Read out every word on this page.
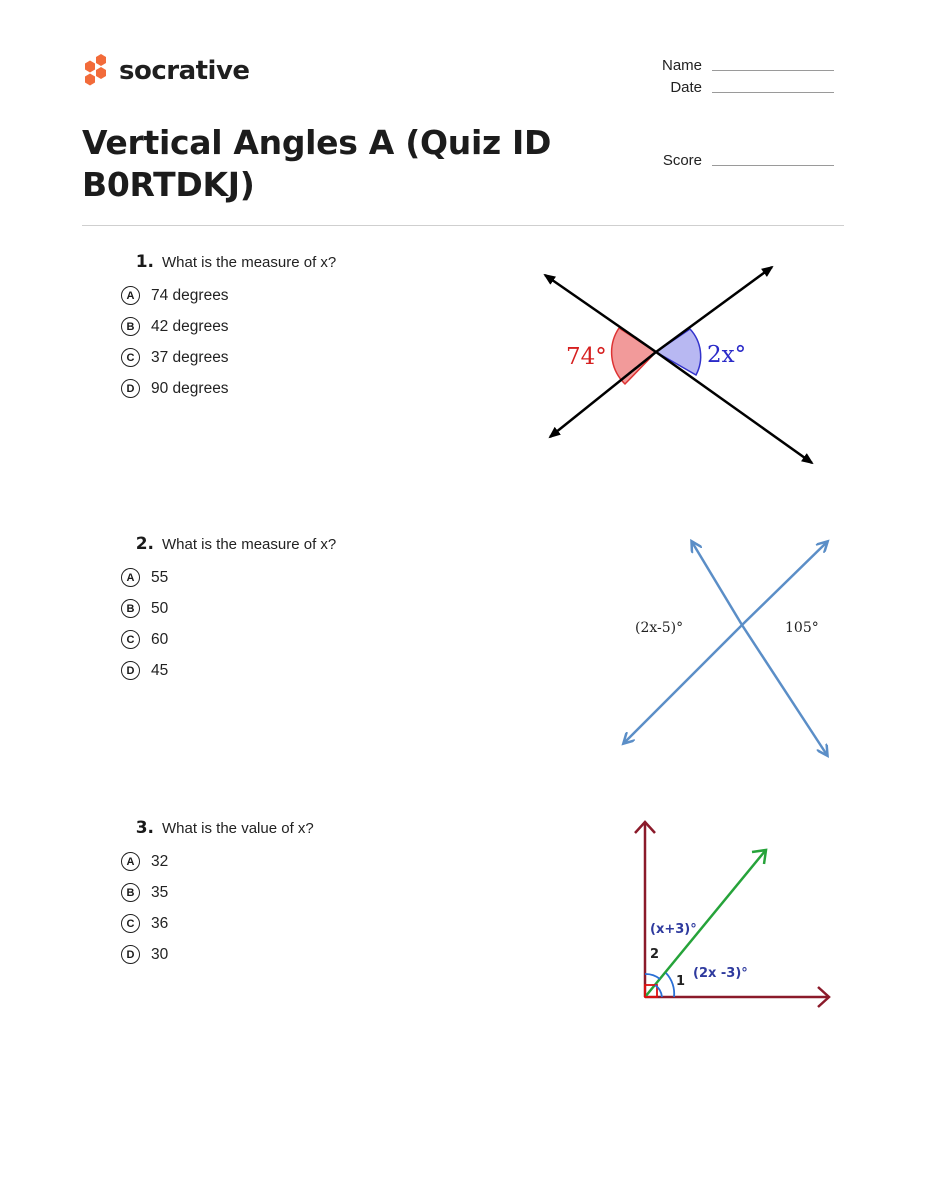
socrative
Vertical Angles A (Quiz ID B0RTDKJ)
Name
Date
Score
1. What is the measure of x?
A	74 degrees
B	42 degrees
C	37 degrees
D	90 degrees
74°	2x°
2. What is the measure of x?
A	55
B	50
C	60
D	45
(2x-5)°	105°
3. What is the value of x?
A	32
B	35
C	36
D	30
(x+3)°
2
1
(2x -3)°
